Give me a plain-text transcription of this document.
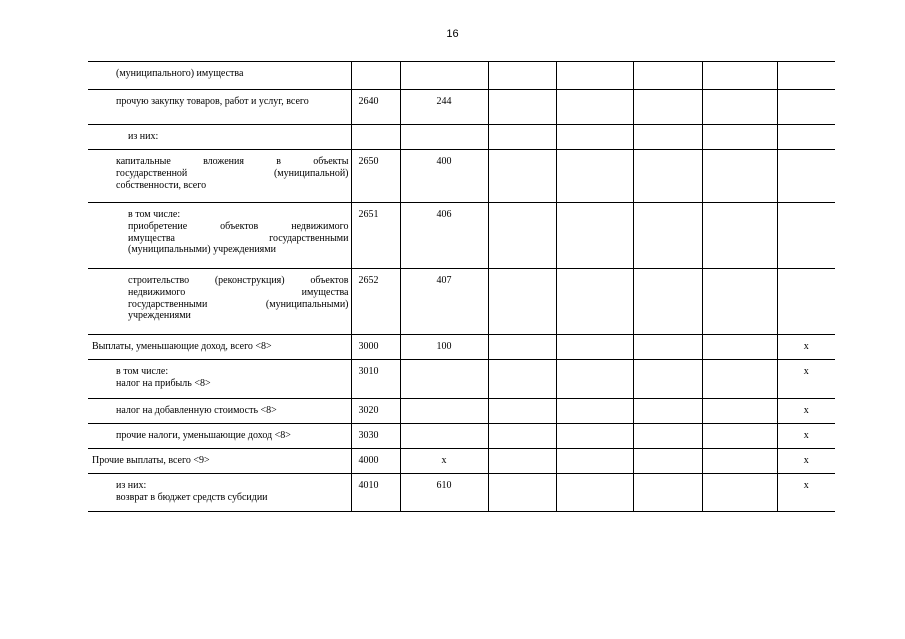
16
(муниципального) имущества							

прочую закупку товаров, работ и услуг, всего	2640	244					

из них:							

капитальные вложения в объекты
государственной (муниципальной)
собственности, всего	2650	400					

в том числе:
приобретение объектов недвижимого
имущества государственными
(муниципальными) учреждениями	2651	406					

строительство (реконструкция) объектов
недвижимого имущества
государственными (муниципальными)
учреждениями	2652	407					

Выплаты, уменьшающие доход, всего <8>	3000	100					x

в том числе:
налог на прибыль <8>	3010						x

налог на добавленную стоимость <8>	3020						x

прочие налоги, уменьшающие доход <8>	3030						x

Прочие выплаты, всего <9>	4000	x					x

из них:
возврат в бюджет средств субсидии	4010	610					x
